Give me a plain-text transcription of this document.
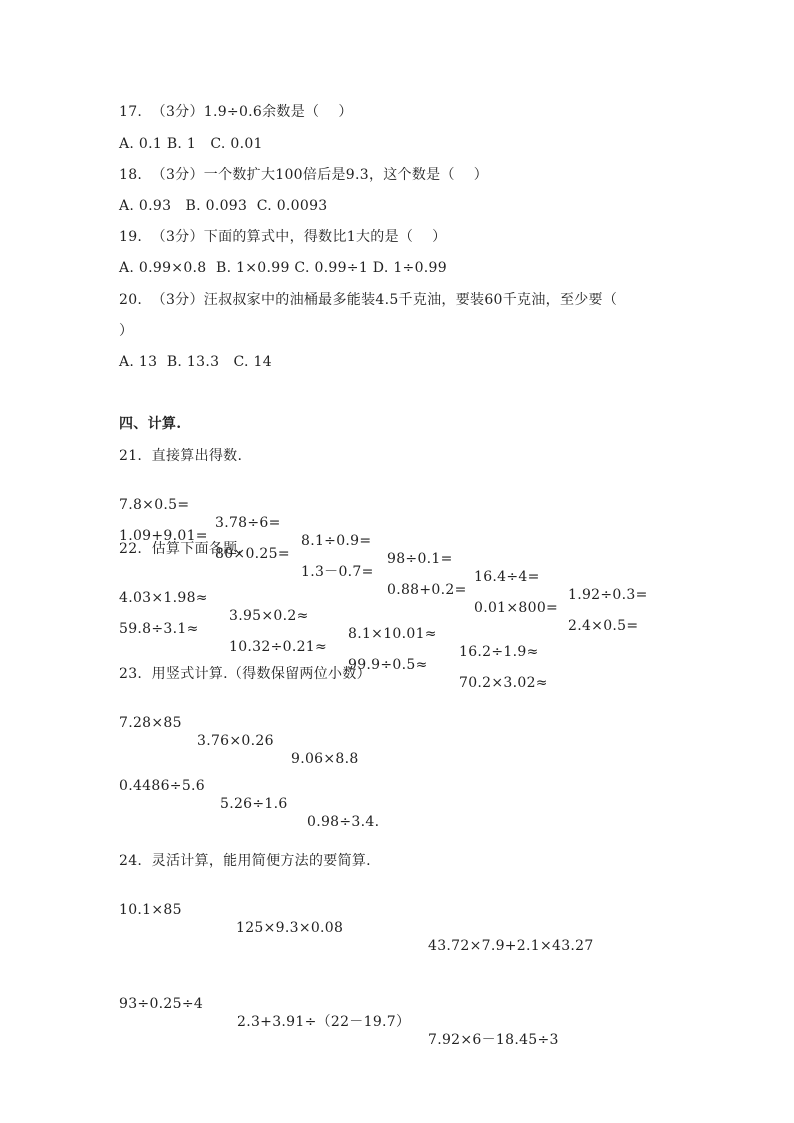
17.  （3分）1.9÷0.6余数是（    ）
A. 0.1 B. 1   C. 0.01
18.  （3分）一个数扩大100倍后是9.3，这个数是（    ）
A. 0.93   B. 0.093  C. 0.0093
19.  （3分）下面的算式中，得数比1大的是（    ）
A. 0.99×0.8  B. 1×0.99 C. 0.99÷1 D. 1÷0.99
20.  （3分）汪叔叔家中的油桶最多能装4.5千克油，要装60千克油，至少要（
）
A. 13  B. 13.3   C. 14
四、计算.
21.  直接算出得数.

7.8×0.5=

3.78÷6=

8.1÷0.9=

98÷0.1=

16.4÷4=

1.92÷0.3=

1.09+9.01=

80×0.25=

1.3－0.7=

0.88+0.2=

0.01×800=

2.4×0.5=

22.  估算下面各题.

4.03×1.98≈

3.95×0.2≈

8.1×10.01≈

16.2÷1.9≈

59.8÷3.1≈

10.32÷0.21≈

99.9÷0.5≈

70.2×3.02≈

23.  用竖式计算.（得数保留两位小数）

7.28×85

3.76×0.26

9.06×8.8

0.4486÷5.6

5.26÷1.6

0.98÷3.4.

24.  灵活计算，能用简便方法的要简算.

10.1×85

125×9.3×0.08

43.72×7.9+2.1×43.27

93÷0.25÷4

2.3+3.91÷（22－19.7）

7.92×6－18.45÷3
